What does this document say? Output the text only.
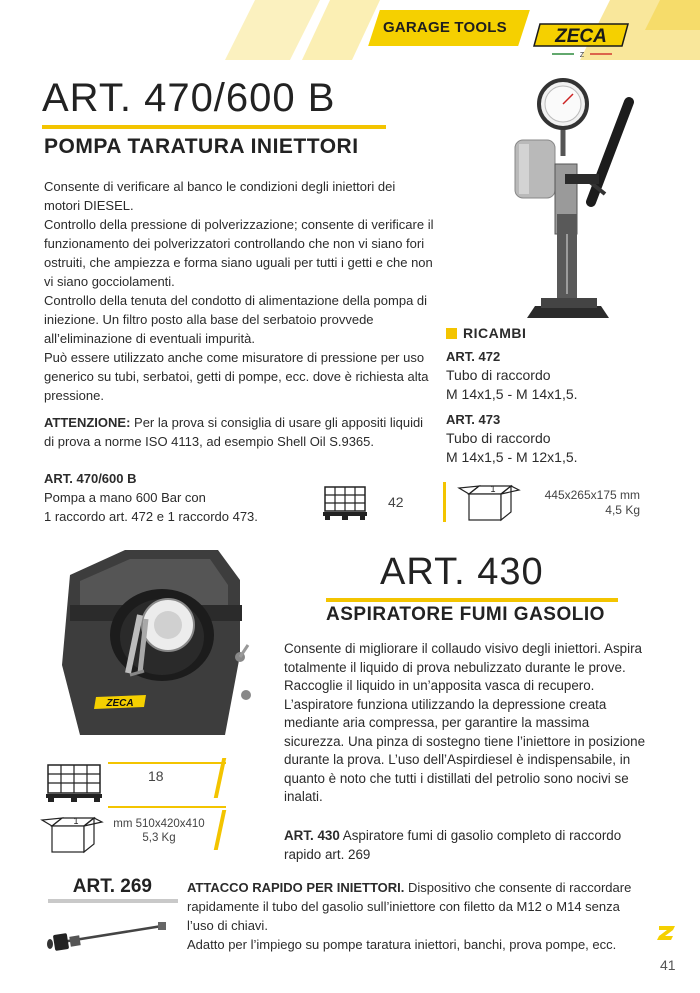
GARAGE TOOLS	ZECA
Z
ART. 470/600 B
POMPA TARATURA INIETTORI

Consente di verificare al banco le condizioni degli iniettori dei motori DIESEL.

Controllo della pressione di polverizzazione; consente di verificare il funzionamento dei polverizzatori controllando che non vi siano fori ostruiti, che ampiezza e forma siano uguali per tutti i getti e che non vi siano gocciolamenti.

Controllo della tenuta del condotto di alimentazione della pompa di iniezione. Un filtro posto alla base del serbatoio provvede all’eliminazione di eventuali impurità.

Può essere utilizzato anche come misuratore di pressione per uso generico su tubi, serbatoi, getti di pompe, ecc. dove è richiesta alta pressione.

ATTENZIONE: Per la prova si consiglia di usare gli appositi liquidi di prova a norme ISO 4113, ad esempio Shell Oil S.9365.
ART. 470/600 B
Pompa a mano 600 Bar con
1 raccordo art. 472 e 1 raccordo 473.
42
1	445x265x175 mm
4,5 Kg
RICAMBI
ART. 472
Tubo di raccordo
M 14x1,5 - M 14x1,5.
ART. 473
Tubo di raccordo
M 14x1,5 - M 12x1,5.
ART. 430
ASPIRATORE FUMI GASOLIO
Consente di migliorare il collaudo visivo degli iniettori. Aspira totalmente il liquido di prova nebulizzato durante le prove. Raccoglie il liquido in un’apposita vasca di recupero. L’aspiratore funziona utilizzando la depressione creata mediante aria compressa, per garantire la massima sicurezza. Una pinza di sostegno tiene l’iniettore in posizione durante la prova. L’uso dell’Aspirdiesel è indispensabile, in quanto è noto che tutti i distillati del petrolio sono nocivi se inalati.
ART. 430 Aspiratore fumi di gasolio completo di raccordo rapido art. 269
ZECA
18
1	mm 510x420x410
5,3 Kg
ART. 269	ATTACCO RAPIDO PER INIETTORI. Dispositivo che consente di raccordare rapidamente il tubo del gasolio sull’iniettore con filetto da M12 o M14 senza l’uso di chiavi.
Adatto per l’impiego su pompe taratura iniettori, banchi, prova pompe, ecc.
41
